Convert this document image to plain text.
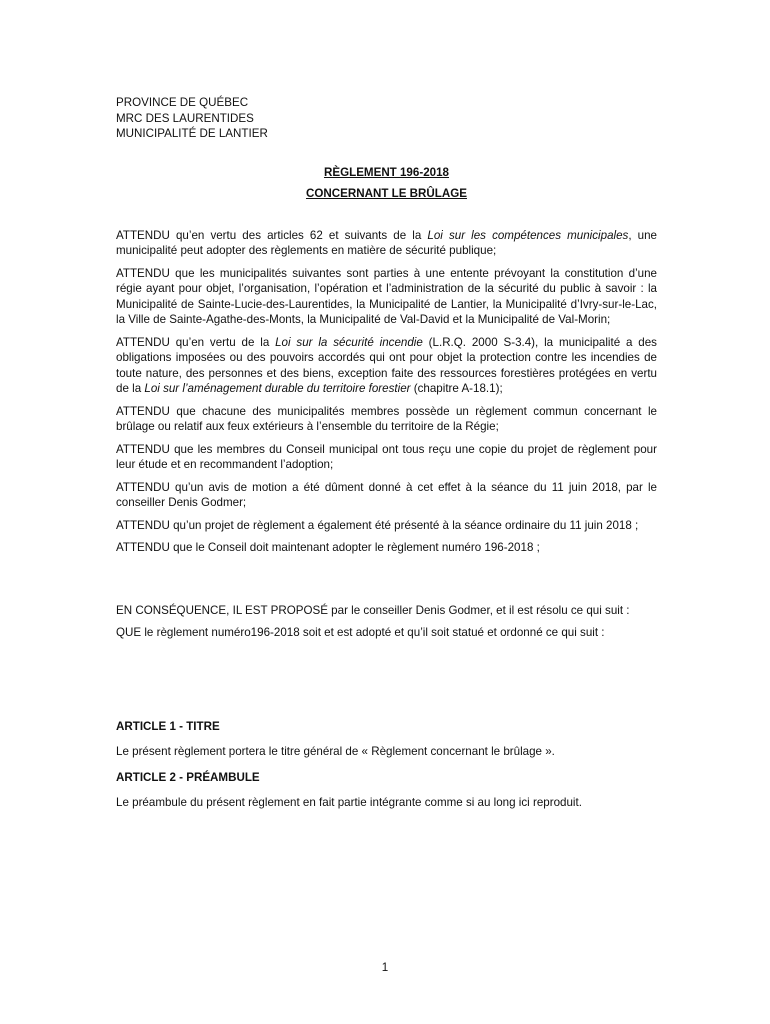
PROVINCE DE QUÉBEC
MRC DES LAURENTIDES
MUNICIPALITÉ DE LANTIER
RÈGLEMENT 196-2018
CONCERNANT LE BRÛLAGE

ATTENDU qu’en vertu des articles 62 et suivants de la Loi sur les compétences municipales, une municipalité peut adopter des règlements en matière de sécurité publique;

ATTENDU que les municipalités suivantes sont parties à une entente prévoyant la constitution d’une régie ayant pour objet, l’organisation, l’opération et l’administration de la sécurité du public à savoir : la Municipalité de Sainte-Lucie-des-Laurentides, la Municipalité de Lantier, la Municipalité d’Ivry-sur-le-Lac, la Ville de Sainte-Agathe-des-Monts, la Municipalité de Val-David et la Municipalité de Val-Morin;

ATTENDU qu’en vertu de la Loi sur la sécurité incendie (L.R.Q. 2000 S-3.4), la municipalité a des obligations imposées ou des pouvoirs accordés qui ont pour objet la protection contre les incendies de toute nature, des personnes et des biens, exception faite des ressources forestières protégées en vertu de la Loi sur l’aménagement durable du territoire forestier (chapitre A-18.1);

ATTENDU que chacune des municipalités membres possède un règlement commun concernant le brûlage ou relatif aux feux extérieurs à l’ensemble du territoire de la Régie;

ATTENDU que les membres du Conseil municipal ont tous reçu une copie du projet de règlement pour leur étude et en recommandent l’adoption;

ATTENDU qu’un avis de motion a été dûment donné à cet effet à la séance du 11 juin 2018, par le conseiller Denis Godmer;

ATTENDU qu’un projet de règlement a également été présenté à la séance ordinaire du 11 juin 2018 ;

ATTENDU que le Conseil doit maintenant adopter le règlement numéro 196-2018 ;

EN CONSÉQUENCE, IL EST PROPOSÉ par le conseiller Denis Godmer, et il est résolu ce qui suit :

QUE le règlement numéro196-2018 soit et est adopté et qu’il soit statué et ordonné ce qui suit :

ARTICLE 1 - TITRE

Le présent règlement portera le titre général de « Règlement concernant le brûlage ».

ARTICLE 2 - PRÉAMBULE

Le préambule du présent règlement en fait partie intégrante comme si au long ici reproduit.

1
